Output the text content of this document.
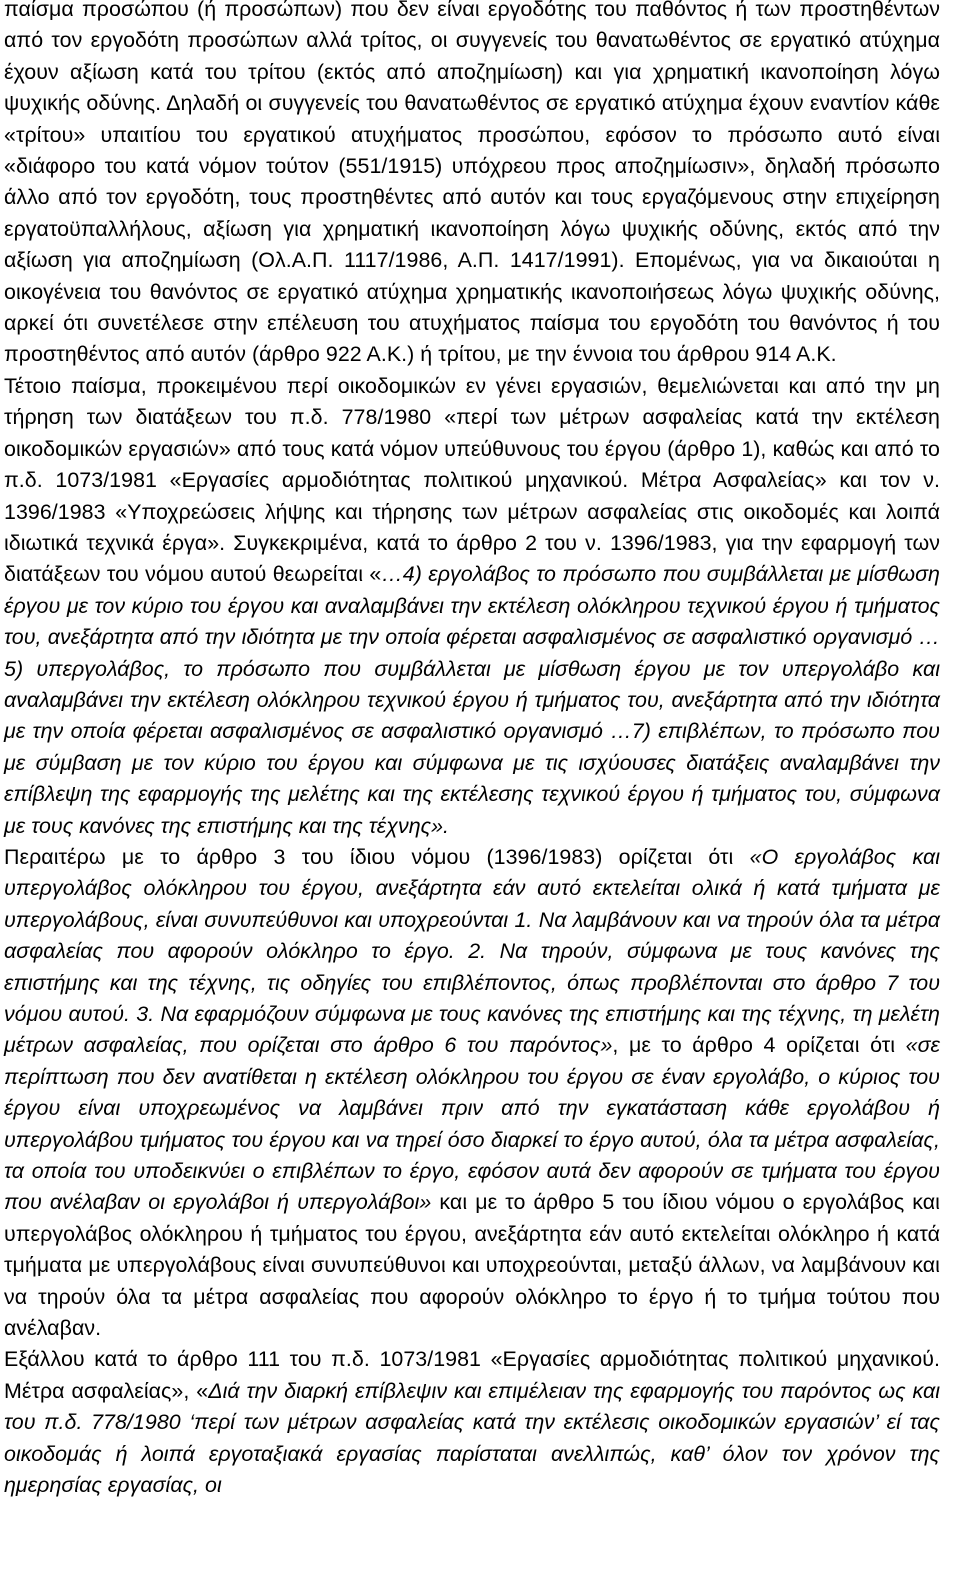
παίσμα προσώπου (ή προσώπων) που δεν είναι εργοδότης του παθόντος ή των προστηθέντων από τον εργοδότη προσώπων αλλά τρίτος, οι συγγενείς του θανατωθέντος σε εργατικό ατύχημα έχουν αξίωση κατά του τρίτου (εκτός από αποζημίωση) και για χρηματική ικανοποίηση λόγω ψυχικής οδύνης. Δηλαδή οι συγγενείς του θανατωθέντος σε εργατικό ατύχημα έχουν εναντίον κάθε «τρίτου» υπαιτίου του εργατικού ατυχήματος προσώπου, εφόσον το πρόσωπο αυτό είναι «διάφορο του κατά νόμον τούτον (551/1915) υπόχρεου προς αποζημίωσιν», δηλαδή πρόσωπο άλλο από τον εργοδότη, τους προστηθέντες από αυτόν και τους εργαζόμενους στην επιχείρηση εργατοϋπαλλήλους, αξίωση για χρηματική ικανοποίηση λόγω ψυχικής οδύνης, εκτός από την αξίωση για αποζημίωση (Ολ.Α.Π. 1117/1986, Α.Π. 1417/1991). Επομένως, για να δικαιούται η οικογένεια του θανόντος σε εργατικό ατύχημα χρηματικής ικανοποιήσεως λόγω ψυχικής οδύνης, αρκεί ότι συνετέλεσε στην επέλευση του ατυχήματος παίσμα του εργοδότη του θανόντος ή του προστηθέντος από αυτόν (άρθρο 922 Α.Κ.) ή τρίτου, με την έννοια του άρθρου 914 Α.Κ.

Τέτοιο παίσμα, προκειμένου περί οικοδομικών εν γένει εργασιών, θεμελιώνεται και από την μη τήρηση των διατάξεων του π.δ. 778/1980 «περί των μέτρων ασφαλείας κατά την εκτέλεση οικοδομικών εργασιών» από τους κατά νόμον υπεύθυνους του έργου (άρθρο 1), καθώς και από το π.δ. 1073/1981 «Εργασίες αρμοδιότητας πολιτικού μηχανικού. Μέτρα Ασφαλείας» και τον ν. 1396/1983 «Υποχρεώσεις λήψης και τήρησης των μέτρων ασφαλείας στις οικοδομές και λοιπά ιδιωτικά τεχνικά έργα». Συγκεκριμένα, κατά το άρθρο 2 του ν. 1396/1983, για την εφαρμογή των διατάξεων του νόμου αυτού θεωρείται «…4) εργολάβος το πρόσωπο που συμβάλλεται με μίσθωση έργου με τον κύριο του έργου και αναλαμβάνει την εκτέλεση ολόκληρου τεχνικού έργου ή τμήματος του, ανεξάρτητα από την ιδιότητα με την οποία φέρεται ασφαλισμένος σε ασφαλιστικό οργανισμό …5) υπεργολάβος, το πρόσωπο που συμβάλλεται με μίσθωση έργου με τον υπεργολάβο και αναλαμβάνει την εκτέλεση ολόκληρου τεχνικού έργου ή τμήματος του, ανεξάρτητα από την ιδιότητα με την οποία φέρεται ασφαλισμένος σε ασφαλιστικό οργανισμό …7) επιβλέπων, το πρόσωπο που με σύμβαση με τον κύριο του έργου και σύμφωνα με τις ισχύουσες διατάξεις αναλαμβάνει την επίβλεψη της εφαρμογής της μελέτης και της εκτέλεσης τεχνικού έργου ή τμήματος του, σύμφωνα με τους κανόνες της επιστήμης και της τέχνης».

Περαιτέρω με το άρθρο 3 του ίδιου νόμου (1396/1983) ορίζεται ότι «Ο εργολάβος και υπεργολάβος ολόκληρου του έργου, ανεξάρτητα εάν αυτό εκτελείται ολικά ή κατά τμήματα με υπεργολάβους, είναι συνυπεύθυνοι και υποχρεούνται 1. Να λαμβάνουν και να τηρούν όλα τα μέτρα ασφαλείας που αφορούν ολόκληρο το έργο. 2. Να τηρούν, σύμφωνα με τους κανόνες της επιστήμης και της τέχνης, τις οδηγίες του επιβλέποντος, όπως προβλέπονται στο άρθρο 7 του νόμου αυτού. 3. Να εφαρμόζουν σύμφωνα με τους κανόνες της επιστήμης και της τέχνης, τη μελέτη μέτρων ασφαλείας, που ορίζεται στο άρθρο 6 του παρόντος», με το άρθρο 4 ορίζεται ότι «σε περίπτωση που δεν ανατίθεται η εκτέλεση ολόκληρου του έργου σε έναν εργολάβο, ο κύριος του έργου είναι υποχρεωμένος να λαμβάνει πριν από την εγκατάσταση κάθε εργολάβου ή υπεργολάβου τμήματος του έργου και να τηρεί όσο διαρκεί το έργο αυτού, όλα τα μέτρα ασφαλείας, τα οποία του υποδεικνύει ο επιβλέπων το έργο, εφόσον αυτά δεν αφορούν σε τμήματα του έργου που ανέλαβαν οι εργολάβοι ή υπεργολάβοι» και με το άρθρο 5 του ίδιου νόμου ο εργολάβος και υπεργολάβος ολόκληρου ή τμήματος του έργου, ανεξάρτητα εάν αυτό εκτελείται ολόκληρο ή κατά τμήματα με υπεργολάβους είναι συνυπεύθυνοι και υποχρεούνται, μεταξύ άλλων, να λαμβάνουν και να τηρούν όλα τα μέτρα ασφαλείας που αφορούν ολόκληρο το έργο ή το τμήμα τούτου που ανέλαβαν.

Εξάλλου κατά το άρθρο 111 του π.δ. 1073/1981 «Εργασίες αρμοδιότητας πολιτικού μηχανικού. Μέτρα ασφαλείας», «Διά την διαρκή επίβλεψιν και επιμέλειαν της εφαρμογής του παρόντος ως και του π.δ. 778/1980 ‘περί των μέτρων ασφαλείας κατά την εκτέλεσις οικοδομικών εργασιών’ εί τας οικοδομάς ή λοιπά εργοταξιακά εργασίας παρίσταται ανελλιπώς, καθ’ όλον τον χρόνον της ημερησίας εργασίας, οι
